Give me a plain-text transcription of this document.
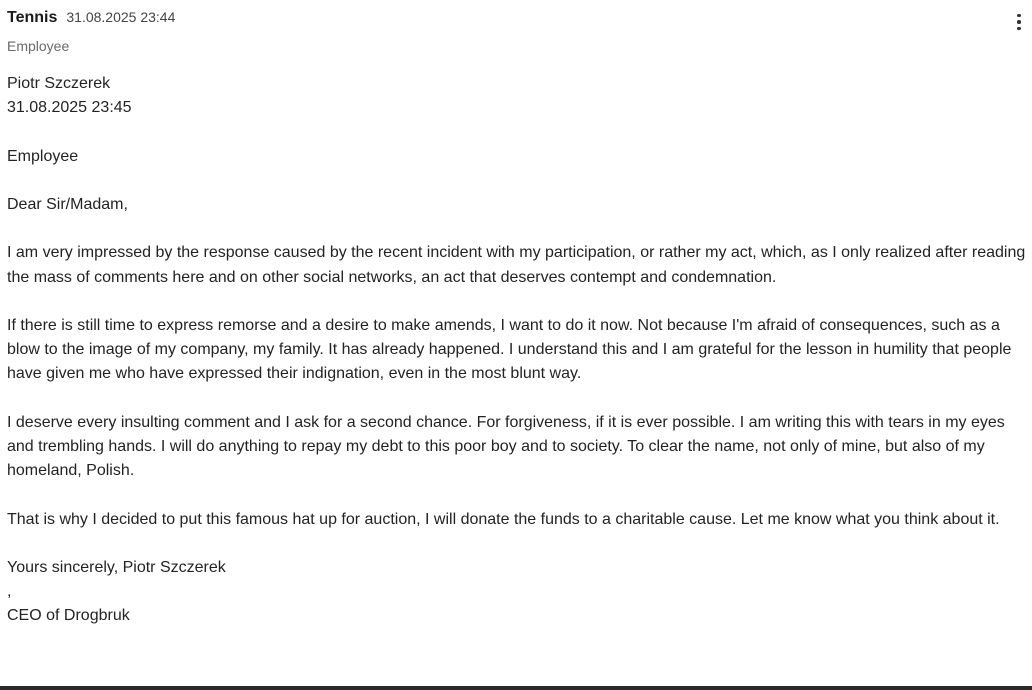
Tennis 31.08.2025 23:44
Employee

Piotr Szczerek

31.08.2025 23:45

Employee

Dear Sir/Madam,

I am very impressed by the response caused by the recent incident with my participation, or rather my act, which, as I only realized after reading the mass of comments here and on other social networks, an act that deserves contempt and condemnation.

If there is still time to express remorse and a desire to make amends, I want to do it now. Not because I'm afraid of consequences, such as a blow to the image of my company, my family. It has already happened. I understand this and I am grateful for the lesson in humility that people have given me who have expressed their indignation, even in the most blunt way.

I deserve every insulting comment and I ask for a second chance. For forgiveness, if it is ever possible. I am writing this with tears in my eyes and trembling hands. I will do anything to repay my debt to this poor boy and to society. To clear the name, not only of mine, but also of my homeland, Polish.

That is why I decided to put this famous hat up for auction, I will donate the funds to a charitable cause. Let me know what you think about it.

Yours sincerely, Piotr Szczerek

,

CEO of Drogbruk
